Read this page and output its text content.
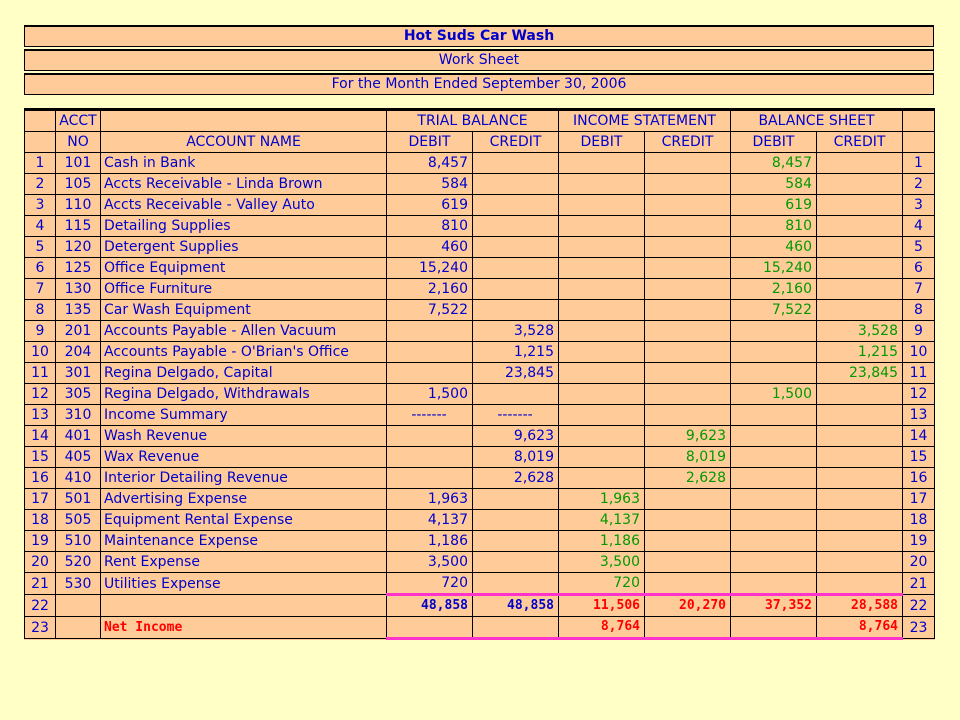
Hot Suds Car Wash
Work Sheet
For the Month Ended September 30, 2006
	ACCT		TRIAL BALANCE		INCOME STATEMENT		BALANCE SHEET		
	NO	ACCOUNT NAME	DEBIT	CREDIT	DEBIT	CREDIT	DEBIT	CREDIT	
1	101	Cash in Bank	8,457				8,457		1
2	105	Accts Receivable - Linda Brown	584				584		2
3	110	Accts Receivable - Valley Auto	619				619		3
4	115	Detailing Supplies	810				810		4
5	120	Detergent Supplies	460				460		5
6	125	Office Equipment	15,240				15,240		6
7	130	Office Furniture	2,160				2,160		7
8	135	Car Wash Equipment	7,522				7,522		8
9	201	Accounts Payable - Allen Vacuum		3,528				3,528	9
10	204	Accounts Payable - O'Brian's Office		1,215				1,215	10
11	301	Regina Delgado, Capital		23,845				23,845	11
12	305	Regina Delgado, Withdrawals	1,500				1,500		12
13	310	Income Summary	-------	-------					13
14	401	Wash Revenue		9,623		9,623			14
15	405	Wax Revenue		8,019		8,019			15
16	410	Interior Detailing Revenue		2,628		2,628			16
17	501	Advertising Expense	1,963		1,963				17
18	505	Equipment Rental Expense	4,137		4,137				18
19	510	Maintenance Expense	1,186		1,186				19
20	520	Rent Expense	3,500		3,500				20
21	530	Utilities Expense	720		720				21
22			48,858	48,858	11,506	20,270	37,352	28,588	22
23		Net Income			8,764			8,764	23
